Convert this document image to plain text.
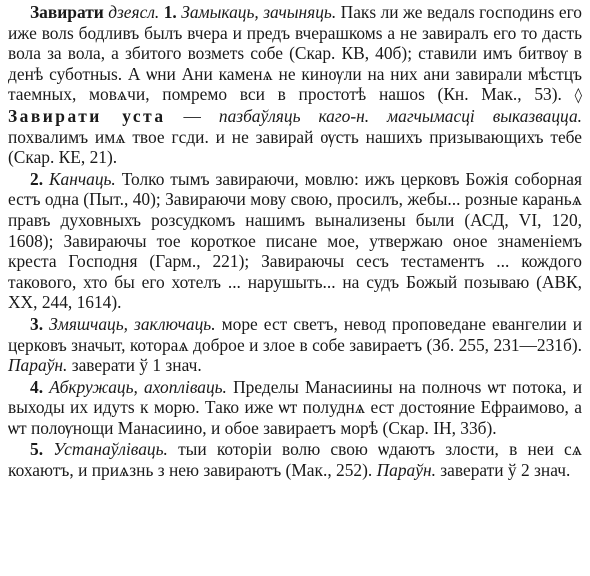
Завирати дзеясл. 1. Замыкаць, зачыняць. Пакѕ ли же ведалѕ господинѕ его иже волѕ бодливъ былъ вчера и предъ вчерашкомѕ а не завиралъ его то дасть вола за вола, а збитого возметѕ собе (Скар. КВ, 40б); ставили имъ битвѹ в денѣ суботныѕ. А ѡни Ани каменѧ не кинѹли на них ани завирали мѣстцъ таемных, мовѧчи, помремо вси в простотѣ нашоѕ (Кн. Мак., 53). ◊ Завирати уста — пазбаўляць каго-н. магчымасці выказвацца. похвалимъ имѧ твое гсди. и не завирай ѹсть нашихъ призывающихъ тебе (Скар. КЕ, 21).

2. Канчаць. Толко тымъ завираючи, мовлю: ижъ церковъ Божія соборная естъ одна (Пыт., 40); Завираючи мову свою, просилъ, жебы... розные караньѧ правъ духовныхъ розсудкомъ нашимъ вынализены были (АСД, VI, 120, 1608); Завираючы тое короткое писане мое, утвержаю оное знаменіемъ креста Господня (Гарм., 221); Завираючы сесъ тестаментъ ... кождого такового, хто бы его хотелъ ... нарушыть... на судъ Божый позываю (АВК, XX, 244, 1614).

3. Змяшчаць, заключаць. море ест светъ, невод проповедане евангелии и церковъ значыт, котораѧ доброе и злое в собе завираетъ (Зб. 255, 231—231б). Параўн. заверати ў 1 знач.

4. Абкружаць, ахопліваць. Пределы Манасиины на полночѕ ѡт потока, и выходы их идутѕ к морю. Тако иже ѡт полуднѧ ест достояние Ефраимово, а ѡт полѹнощи Манасиино, и обое завираетъ морѣ (Скар. ІН, 33б).

5. Устанаўліваць. тыи которіи волю свою ѡдаютъ злости, в неи сѧ кохаютъ, и приѧзнь з нею завираютъ (Мак., 252). Параўн. заверати ў 2 знач.
